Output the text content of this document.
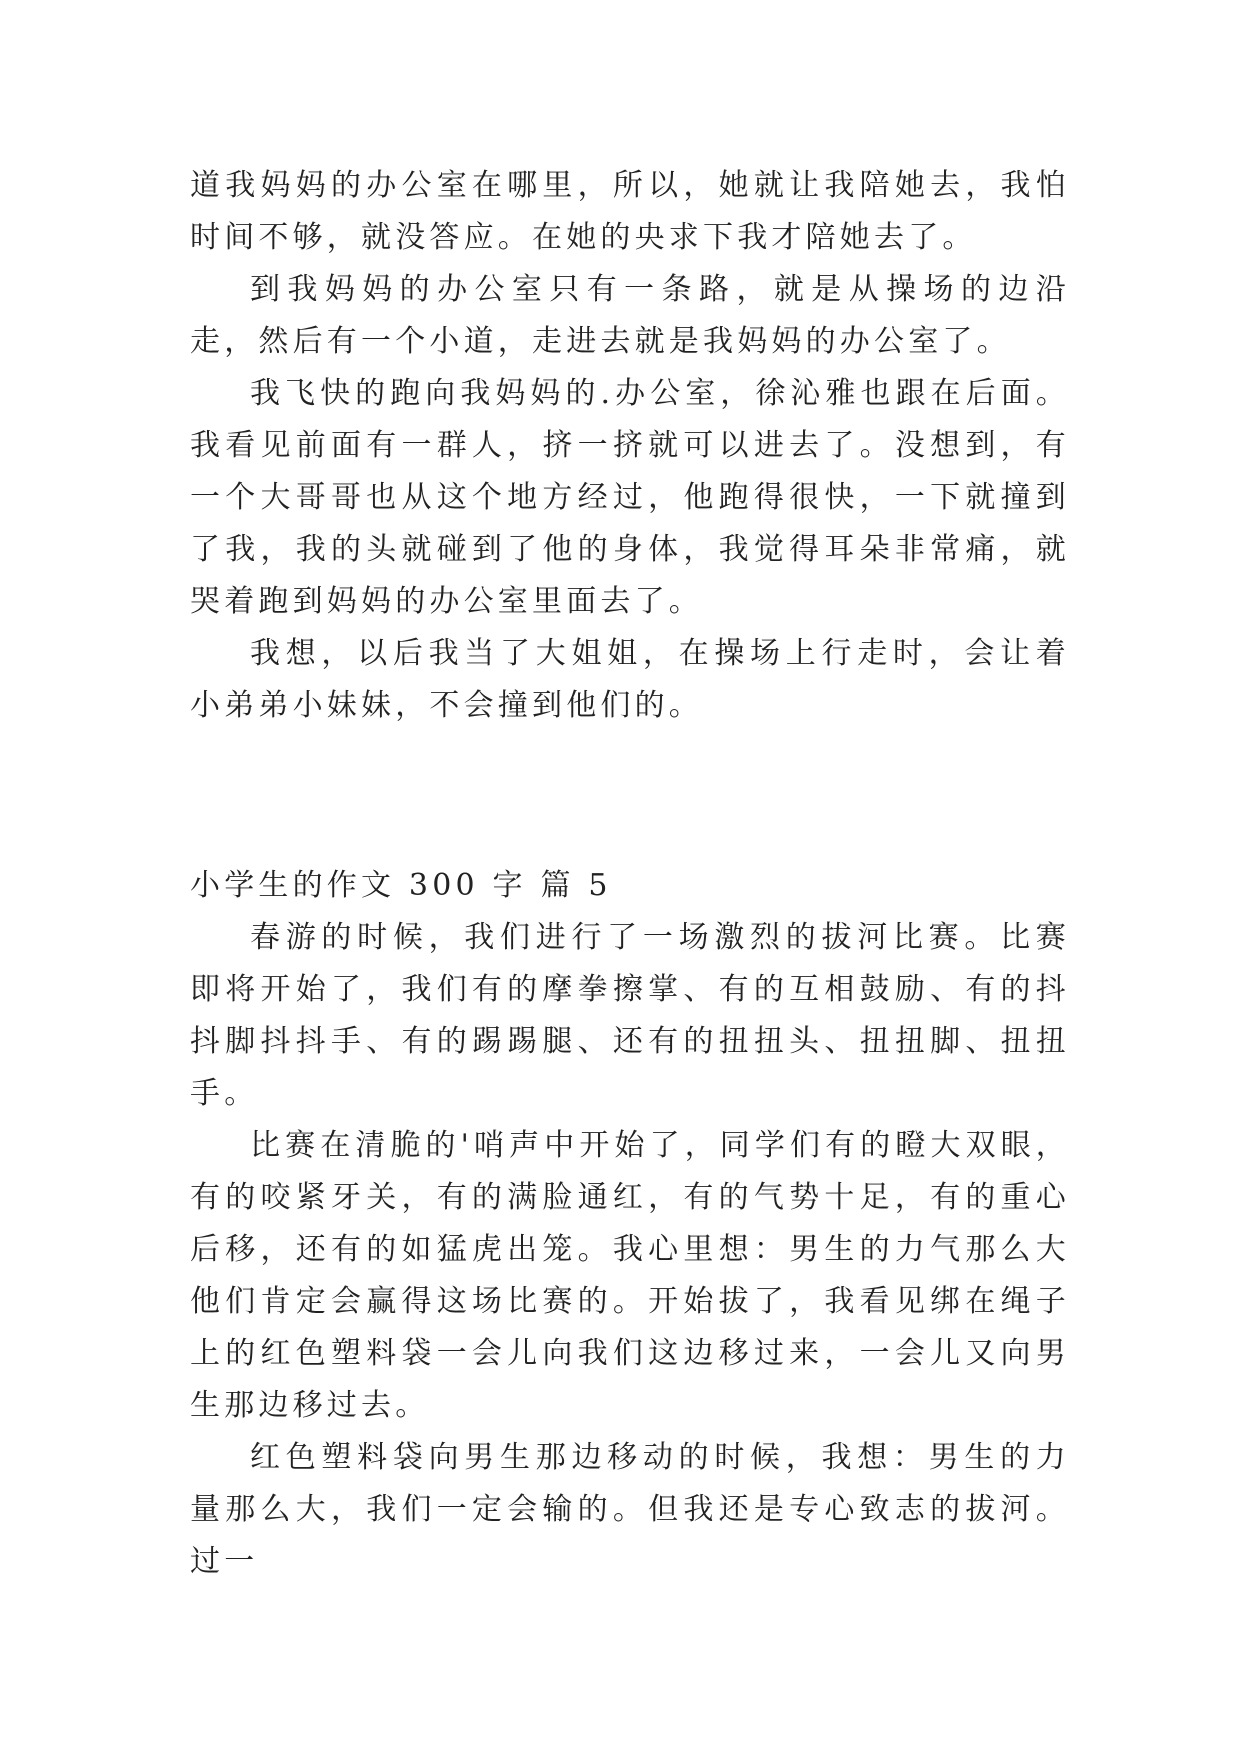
道我妈妈的办公室在哪里，所以，她就让我陪她去，我怕时间不够，就没答应。在她的央求下我才陪她去了。

到我妈妈的办公室只有一条路，就是从操场的边沿走，然后有一个小道，走进去就是我妈妈的办公室了。

我飞快的跑向我妈妈的.办公室，徐沁雅也跟在后面。我看见前面有一群人，挤一挤就可以进去了。没想到，有一个大哥哥也从这个地方经过，他跑得很快，一下就撞到了我，我的头就碰到了他的身体，我觉得耳朵非常痛，就哭着跑到妈妈的办公室里面去了。

我想，以后我当了大姐姐，在操场上行走时，会让着小弟弟小妹妹，不会撞到他们的。

小学生的作文 300 字 篇 5

春游的时候，我们进行了一场激烈的拔河比赛。比赛即将开始了，我们有的摩拳擦掌、有的互相鼓励、有的抖抖脚抖抖手、有的踢踢腿、还有的扭扭头、扭扭脚、扭扭手。

比赛在清脆的'哨声中开始了，同学们有的瞪大双眼，有的咬紧牙关，有的满脸通红，有的气势十足，有的重心后移，还有的如猛虎出笼。我心里想：男生的力气那么大他们肯定会赢得这场比赛的。开始拔了，我看见绑在绳子上的红色塑料袋一会儿向我们这边移过来，一会儿又向男生那边移过去。

红色塑料袋向男生那边移动的时候，我想：男生的力量那么大，我们一定会输的。但我还是专心致志的拔河。过一
